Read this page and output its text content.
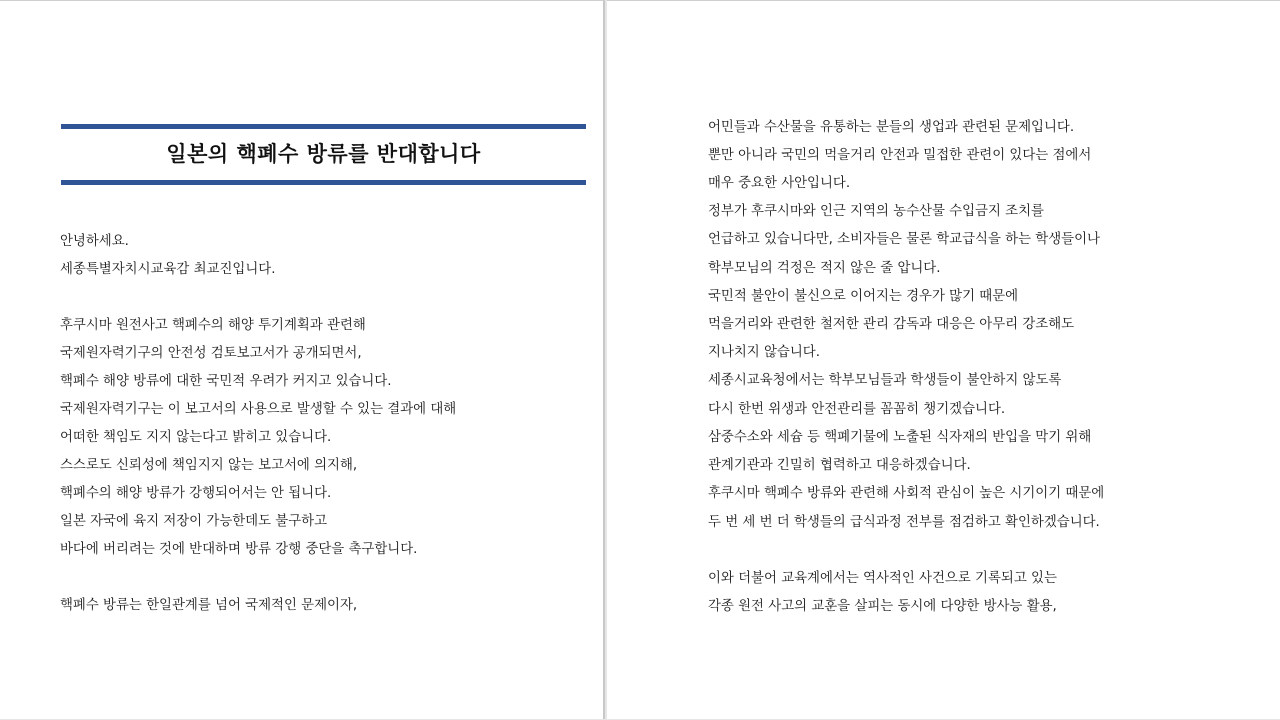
일본의 핵폐수 방류를 반대합니다
안녕하세요.
세종특별자치시교육감 최교진입니다.
후쿠시마 원전사고 핵폐수의 해양 투기계획과 관련해
국제원자력기구의 안전성 검토보고서가 공개되면서,
핵폐수 해양 방류에 대한 국민적 우려가 커지고 있습니다.
국제원자력기구는 이 보고서의 사용으로 발생할 수 있는 결과에 대해
어떠한 책임도 지지 않는다고 밝히고 있습니다.
스스로도 신뢰성에 책임지지 않는 보고서에 의지해,
핵폐수의 해양 방류가 강행되어서는 안 됩니다.
일본 자국에 육지 저장이 가능한데도 불구하고
바다에 버리려는 것에 반대하며 방류 강행 중단을 촉구합니다.
핵폐수 방류는 한일관계를 넘어 국제적인 문제이자,
어민들과 수산물을 유통하는 분들의 생업과 관련된 문제입니다.
뿐만 아니라 국민의 먹을거리 안전과 밀접한 관련이 있다는 점에서
매우 중요한 사안입니다.
정부가 후쿠시마와 인근 지역의 농수산물 수입금지 조치를
언급하고 있습니다만, 소비자들은 물론 학교급식을 하는 학생들이나
학부모님의 걱정은 적지 않은 줄 압니다.
국민적 불안이 불신으로 이어지는 경우가 많기 때문에
먹을거리와 관련한 철저한 관리 감독과 대응은 아무리 강조해도
지나치지 않습니다.
세종시교육청에서는 학부모님들과 학생들이 불안하지 않도록
다시 한번 위생과 안전관리를 꼼꼼히 챙기겠습니다.
삼중수소와 세슘 등 핵폐기물에 노출된 식자재의 반입을 막기 위해
관계기관과 긴밀히 협력하고 대응하겠습니다.
후쿠시마 핵폐수 방류와 관련해 사회적 관심이 높은 시기이기 때문에
두 번 세 번 더 학생들의 급식과정 전부를 점검하고 확인하겠습니다.
이와 더불어 교육계에서는 역사적인 사건으로 기록되고 있는
각종 원전 사고의 교훈을 살피는 동시에 다양한 방사능 활용,
